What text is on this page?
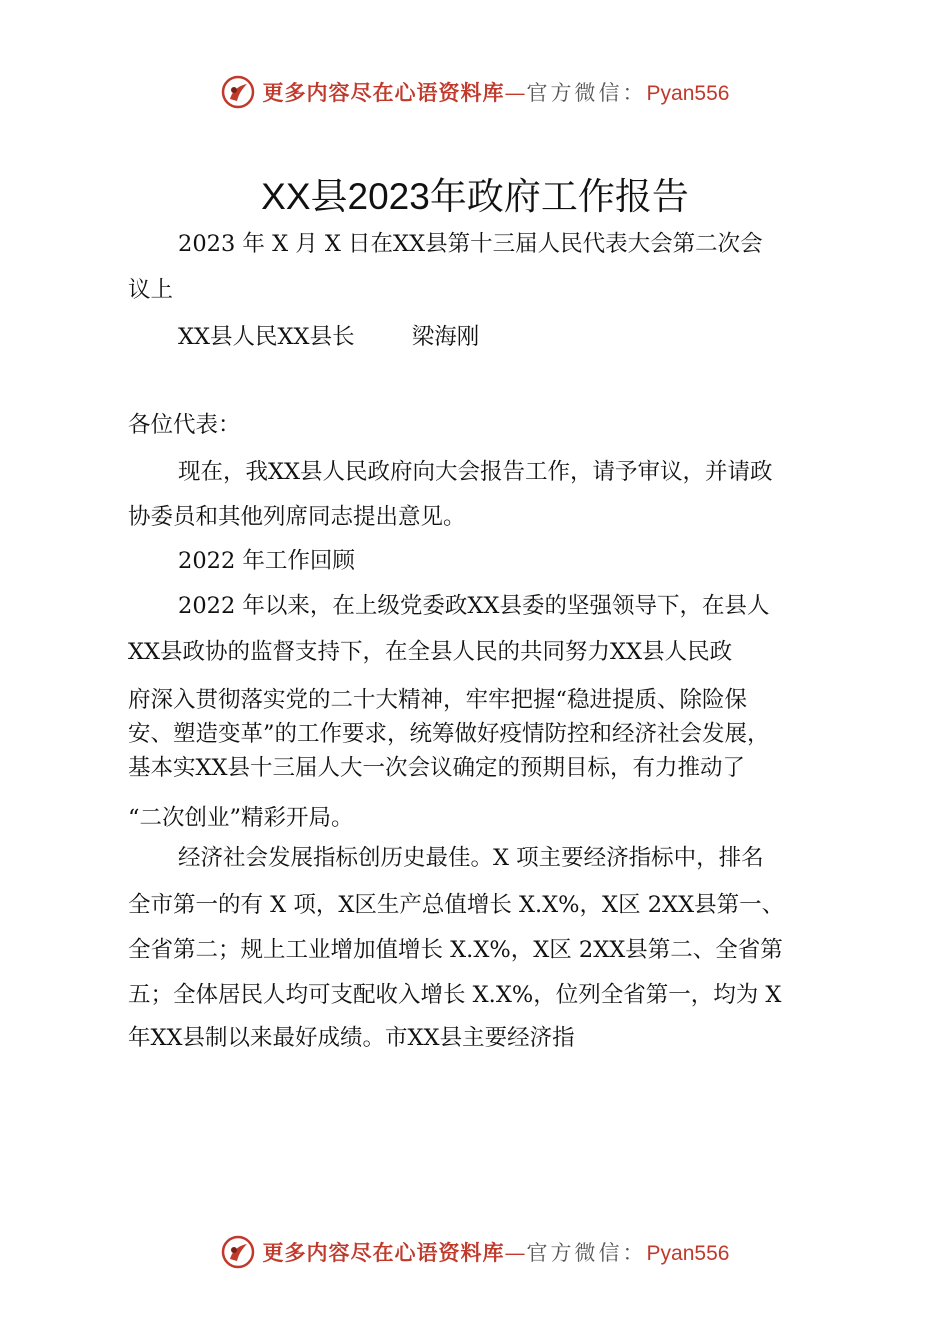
更多内容尽在心语资料库—官方微信：Pyan556
XX县2023年政府工作报告
2023 年 X 月 X 日在XX县第十三届人民代表大会第二次会
议上
XX县人民XX县长	梁海刚
各位代表：
现在，我XX县人民政府向大会报告工作，请予审议，并请政
协委员和其他列席同志提出意见。
2022 年工作回顾
2022 年以来，在上级党委政XX县委的坚强领导下，在县人
XX县政协的监督支持下，在全县人民的共同努力XX县人民政
府深入贯彻落实党的二十大精神，牢牢把握“稳进提质、除险保
安、塑造变革”的工作要求，统筹做好疫情防控和经济社会发展，
基本实XX县十三届人大一次会议确定的预期目标，有力推动了
“二次创业”精彩开局。
经济社会发展指标创历史最佳。X 项主要经济指标中，排名
全市第一的有 X 项，X区生产总值增长 X.X%，X区 2XX县第一、
全省第二；规上工业增加值增长 X.X%，X区 2XX县第二、全省第
五；全体居民人均可支配收入增长 X.X%，位列全省第一，均为 X
年XX县制以来最好成绩。市XX县主要经济指
更多内容尽在心语资料库—官方微信：Pyan556
